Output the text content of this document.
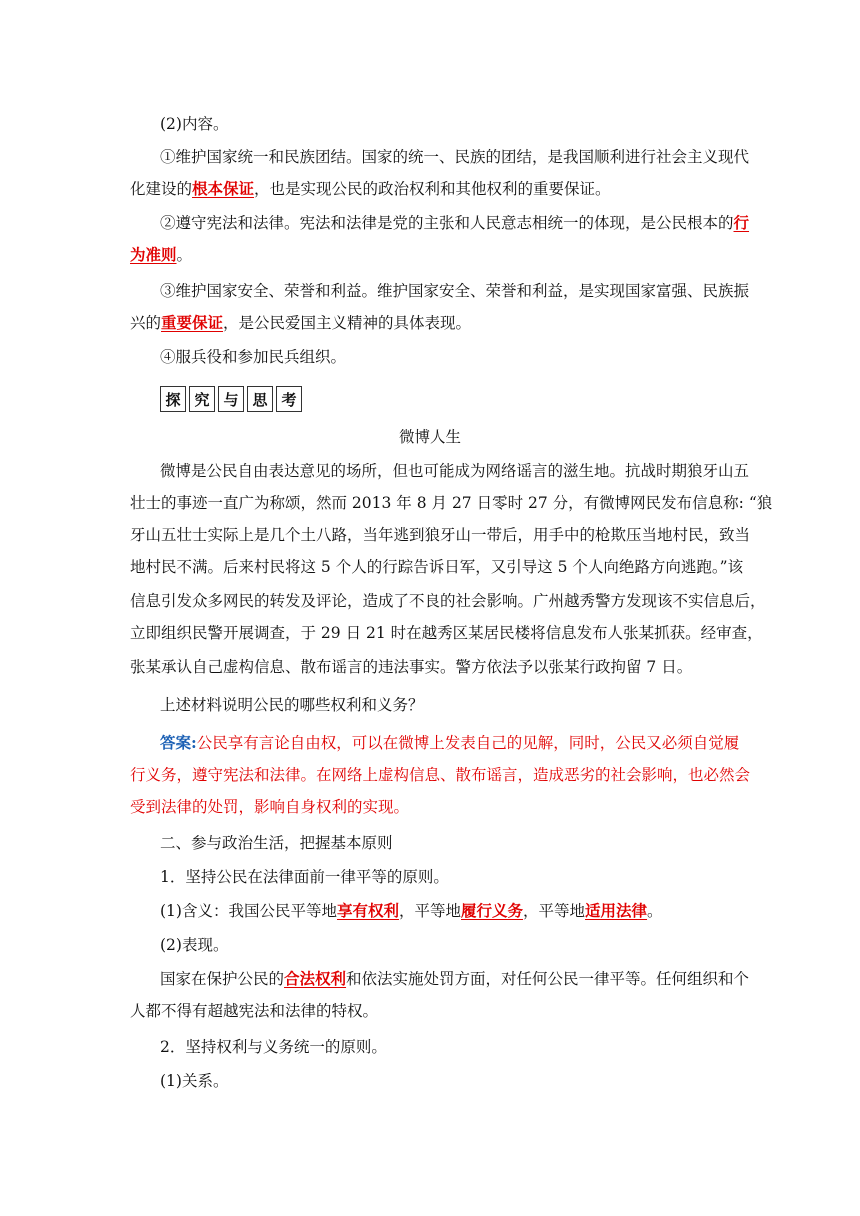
(2)内容。
①维护国家统一和民族团结。国家的统一、民族的团结，是我国顺利进行社会主义现代
化建设的根本保证，也是实现公民的政治权利和其他权利的重要保证。
②遵守宪法和法律。宪法和法律是党的主张和人民意志相统一的体现，是公民根本的行
为准则。
③维护国家安全、荣誉和利益。维护国家安全、荣誉和利益，是实现国家富强、民族振
兴的重要保证，是公民爱国主义精神的具体表现。
④服兵役和参加民兵组织。
探 究 与 思 考
微博人生
微博是公民自由表达意见的场所，但也可能成为网络谣言的滋生地。抗战时期狼牙山五
壮士的事迹一直广为称颂，然而 2013 年 8 月 27 日零时 27 分，有微博网民发布信息称: “狼
牙山五壮士实际上是几个土八路，当年逃到狼牙山一带后，用手中的枪欺压当地村民，致当
地村民不满。后来村民将这 5 个人的行踪告诉日军，又引导这 5 个人向绝路方向逃跑。”该
信息引发众多网民的转发及评论，造成了不良的社会影响。广州越秀警方发现该不实信息后，
立即组织民警开展调查，于 29 日 21 时在越秀区某居民楼将信息发布人张某抓获。经审查，
张某承认自己虚构信息、散布谣言的违法事实。警方依法予以张某行政拘留 7 日。
上述材料说明公民的哪些权利和义务？
答案:公民享有言论自由权，可以在微博上发表自己的见解，同时，公民又必须自觉履
行义务，遵守宪法和法律。在网络上虚构信息、散布谣言，造成恶劣的社会影响，也必然会
受到法律的处罚，影响自身权利的实现。
二、参与政治生活，把握基本原则
1．坚持公民在法律面前一律平等的原则。
(1)含义：我国公民平等地享有权利，平等地履行义务，平等地适用法律。
(2)表现。
国家在保护公民的合法权利和依法实施处罚方面，对任何公民一律平等。任何组织和个
人都不得有超越宪法和法律的特权。
2．坚持权利与义务统一的原则。
(1)关系。
